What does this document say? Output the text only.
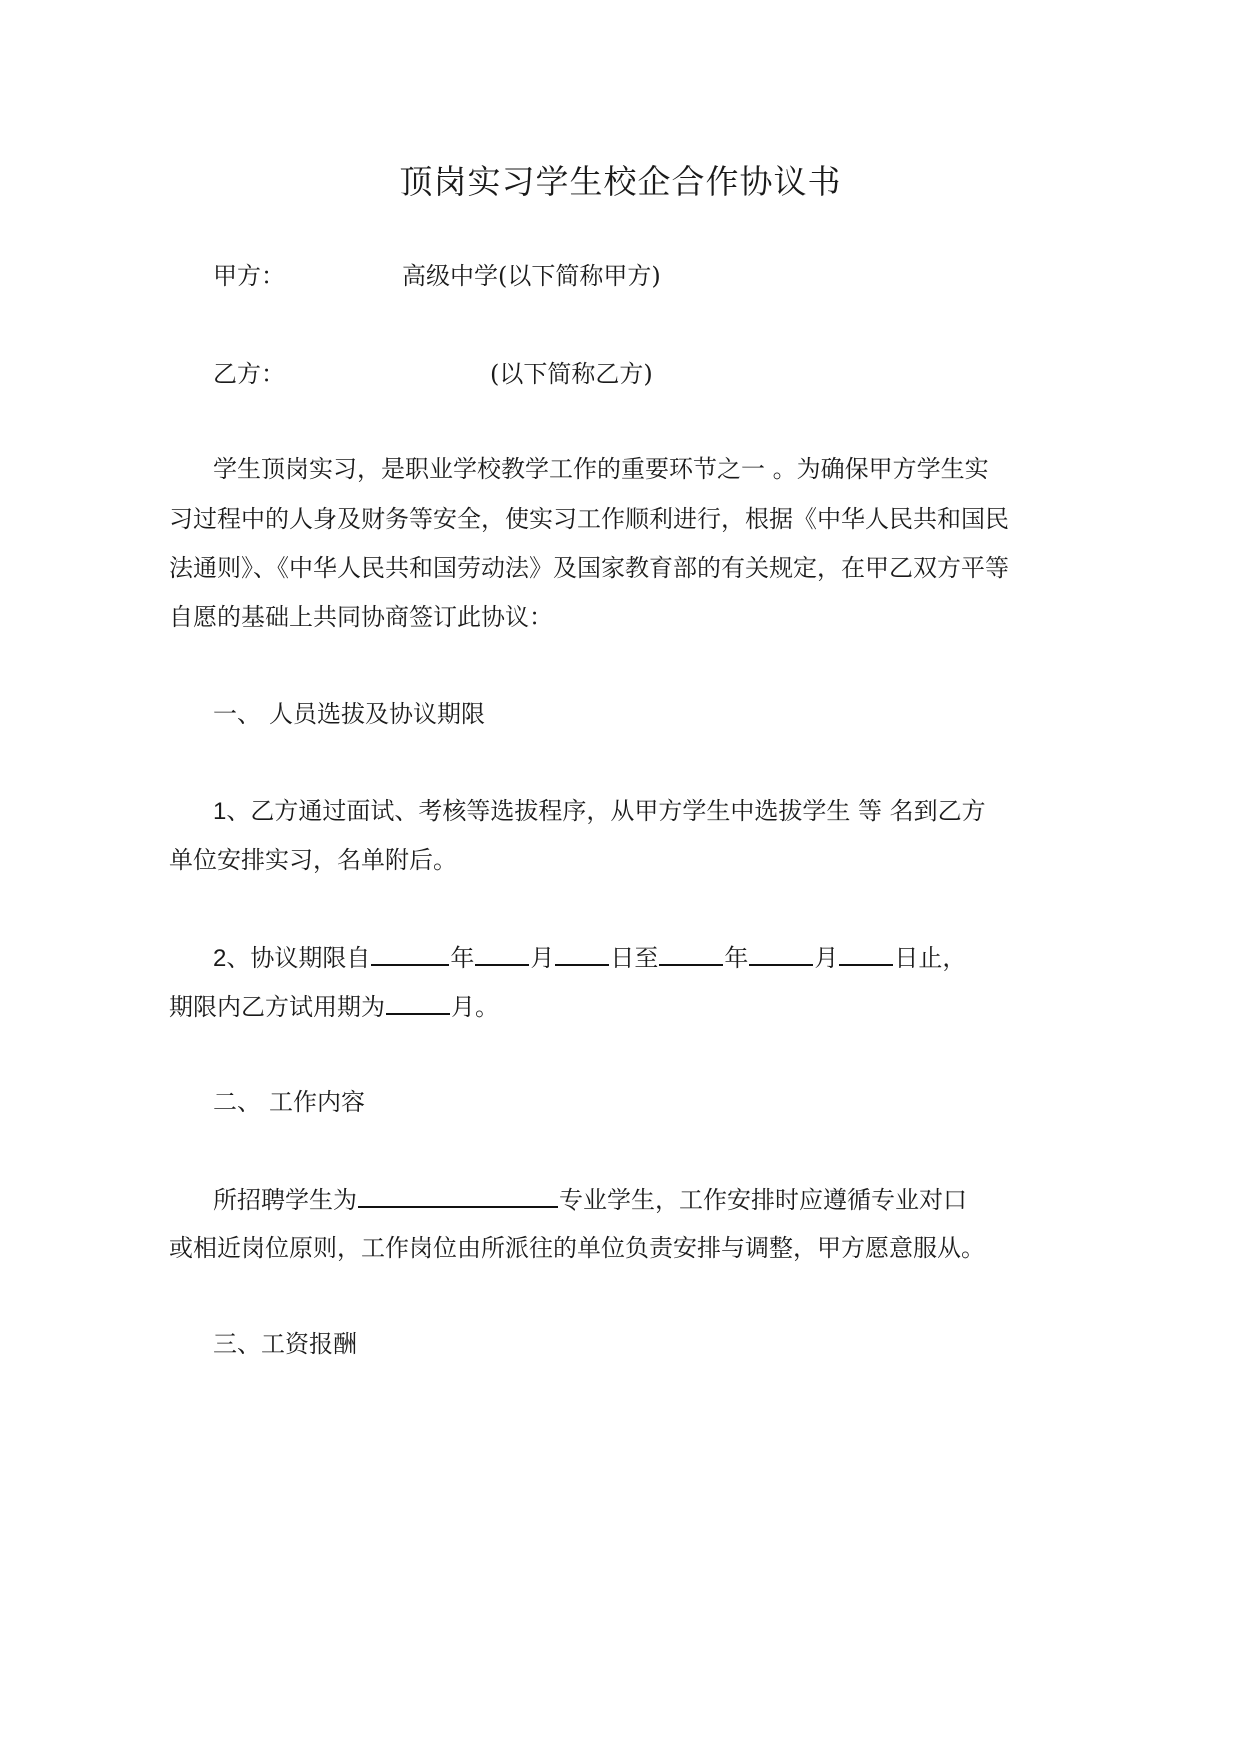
顶岗实习学生校企合作协议书
甲方：	高级中学(以下简称甲方)
乙方：	(以下简称乙方)
学生顶岗实习，是职业学校教学工作的重要环节之一 。为确保甲方学生实
习过程中的人身及财务等安全，使实习工作顺利进行，根据《中华人民共和国民
法通则》、《中华人民共和国劳动法》及国家教育部的有关规定，在甲乙双方平等
自愿的基础上共同协商签订此协议：
一、 人员选拔及协议期限
1、乙方通过面试、考核等选拔程序，从甲方学生中选拔学生 等 名到乙方
单位安排实习，名单附后。
2、协议期限自	年 月 日至	年	月 日止，
期限内乙方试用期为	月。
二、 工作内容
所招聘学生为	专业学生，工作安排时应遵循专业对口
或相近岗位原则，工作岗位由所派往的单位负责安排与调整，甲方愿意服从。
三、工资报酬
